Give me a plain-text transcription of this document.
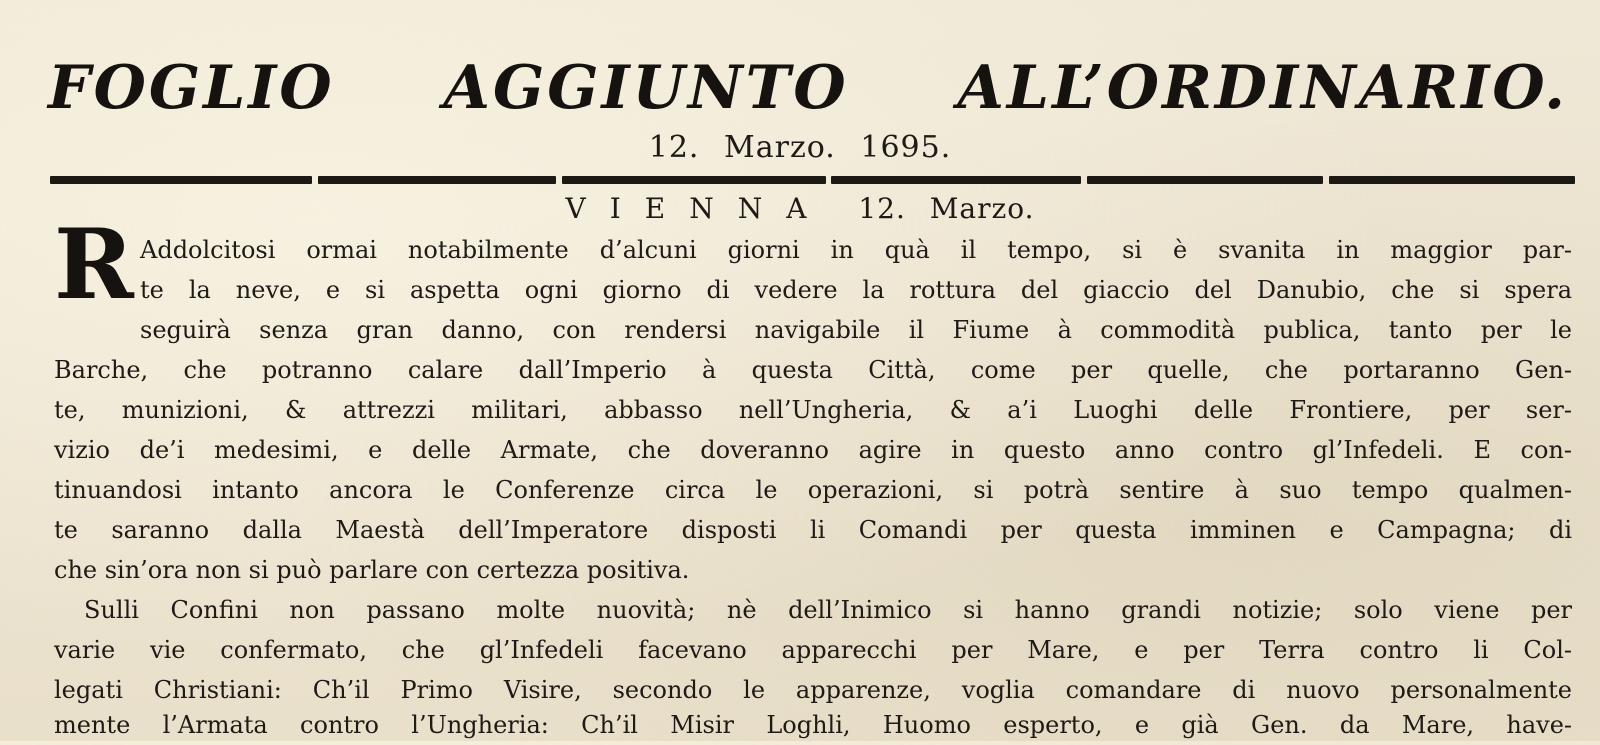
FOGLIO AGGIUNTO ALL’ORDINARIO.
12. Marzo. 1695.
VIENNA 12. Marzo.
R Addolcitosi ormai notabilmente d’alcuni giorni in quà il tempo, si è svanita in maggior par-
te la neve, e si aspetta ogni giorno di vedere la rottura del giaccio del Danubio, che si spera
seguirà senza gran danno, con rendersi navigabile il Fiume à commodità publica, tanto per le
Barche, che potranno calare dall’Imperio à questa Città, come per quelle, che portaranno Gen-
te, munizioni, & attrezzi militari, abbasso nell’Ungheria, & a’i Luoghi delle Frontiere, per ser-
vizio de’i medesimi, e delle Armate, che doveranno agire in questo anno contro gl’Infedeli. E con-
tinuandosi intanto ancora le Conferenze circa le operazioni, si potrà sentire à suo tempo qualmen-
te saranno dalla Maestà dell’Imperatore disposti li Comandi per questa imminen e Campagna; di
che sin’ora non si può parlare con certezza positiva.
Sulli Confini non passano molte nuovità; nè dell’Inimico si hanno grandi notizie; solo viene per
varie vie confermato, che gl’Infedeli facevano apparecchi per Mare, e per Terra contro li Col-
legati Christiani: Ch’il Primo Visire, secondo le apparenze, voglia comandare di nuovo personalmente
mente l’Armata contro l’Ungheria: Ch’il Misir Loghli, Huomo esperto, e già Gen. da Mare, have-
